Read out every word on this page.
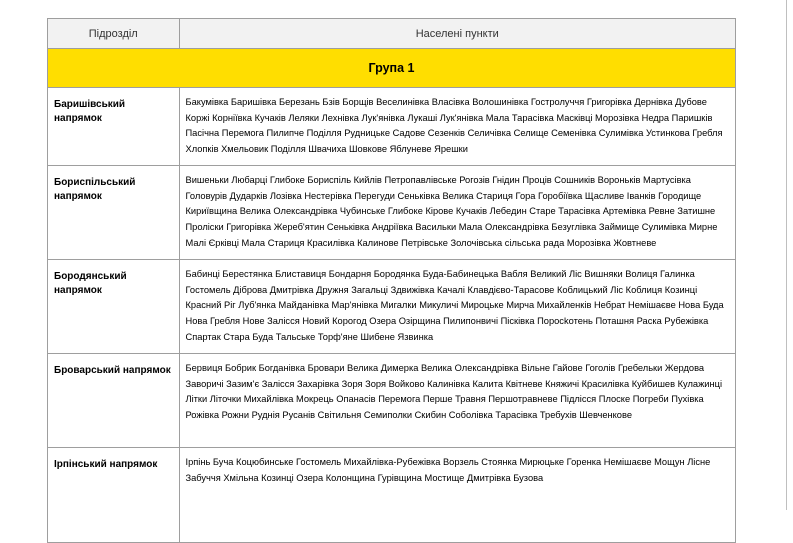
Підрозділ	Населені пункти
Група 1	
Баришівський напрямок	Бакумівка Баришівка Березань Бзів Борщів Веселинівка Власівка Волошинівка Гостролуччя Григорівка Дернівка Дубове Коржі Корніївка Кучаків Леляки Лехнівка Лук'янівка Лукаші Лук'янівка Мала Тарасівка Масківці Морозівка Недра Паришків Пасічна Перемога Пилипче Поділля Рудницьке Садове Сезенків Селичівка Селище Семенівка Сулимівка Устинкова Гребля Хлопків Хмельовик Поділля Швачиха Шовкове Яблуневе Ярешки
Бориспільський напрямок	Вишеньки Любарці Глибоке Бориспіль Кийлів Петропавлівське Рогозів Гнідин Проців Сошників Вороньків Мартусівка Головурів Дударків Лозівка Нестерівка Перегуди Сеньківка Велика Стариця Гора Горобіївка Щасливе Іванків Городище Кириївщина Велика Олександрівка Чубинське Глибоке Кірове Кучаків Лебедин Старе Тарасівка Артемівка Ревне Затишне Проліски Григорівка Жереб'ятин Сеньківка Андріївка Васильки Мала Олександрівка Безуглівка Займище Сулимівка Мирне Малі Єрківці Мала Стариця Красилівка Калинове Петрівське Золочівська сільська рада Морозівка Жовтневе
Бородянський напрямок	Бабинці Берестянка Блиставиця Бондарня Бородянка Буда-Бабинецька Вабля Великий Ліс Вишняки Волиця Галинка Гостомель Діброва Дмитрівка Дружня Загальці Здвижівка Качалі Клавдієво-Тарасове Коблицький Ліс Коблиця Козинці Красний Ріг Луб'янка Майданівка Мар'янівка Мигалки Микуличі Мироцьке Мирча Михайленків Небрат Немішаєве Нова Буда Нова Гребля Нове Залісся Новий Корогод Озера Озірщина Пилипонвичі Пісківка Поросkотень Поташня Раска Рубежівка Спартак Стара Буда Тальське Торф'яне Шибене Язвинка
Броварський напрямок	Бервиця Бобрик Богданівка Бровари Велика Димерка Велика Олександрівка Вільне Гайове Гоголів Гребельки Жердова Заворичі Зазим'є Залісся Захарівка Зоря Зоря Войково Калинівка Калита Квітневе Княжичі Красилівка Куйбишев Кулажинці Літки Літочки Михайлівка Мокрець Опанасів Перемога Перше Травня Першотравневе Підлісся Плоске Погреби Пухівка Рожівка Рожни Руднія Русанів Світильня Семиполки Скибин Соболівка Тарасівка Требухів Шевченкове
Ірпінський напрямок	Ірпінь Буча Коцюбинське Гостомель Михайлівка-Рубежівка Ворзель Стоянка Мирюцьке Горенка Немішаєве Мощун Лісне Забуччя Хмільна Козинці Озера Колонщина Гурівщина Мостище Дмитрівка Бузова
